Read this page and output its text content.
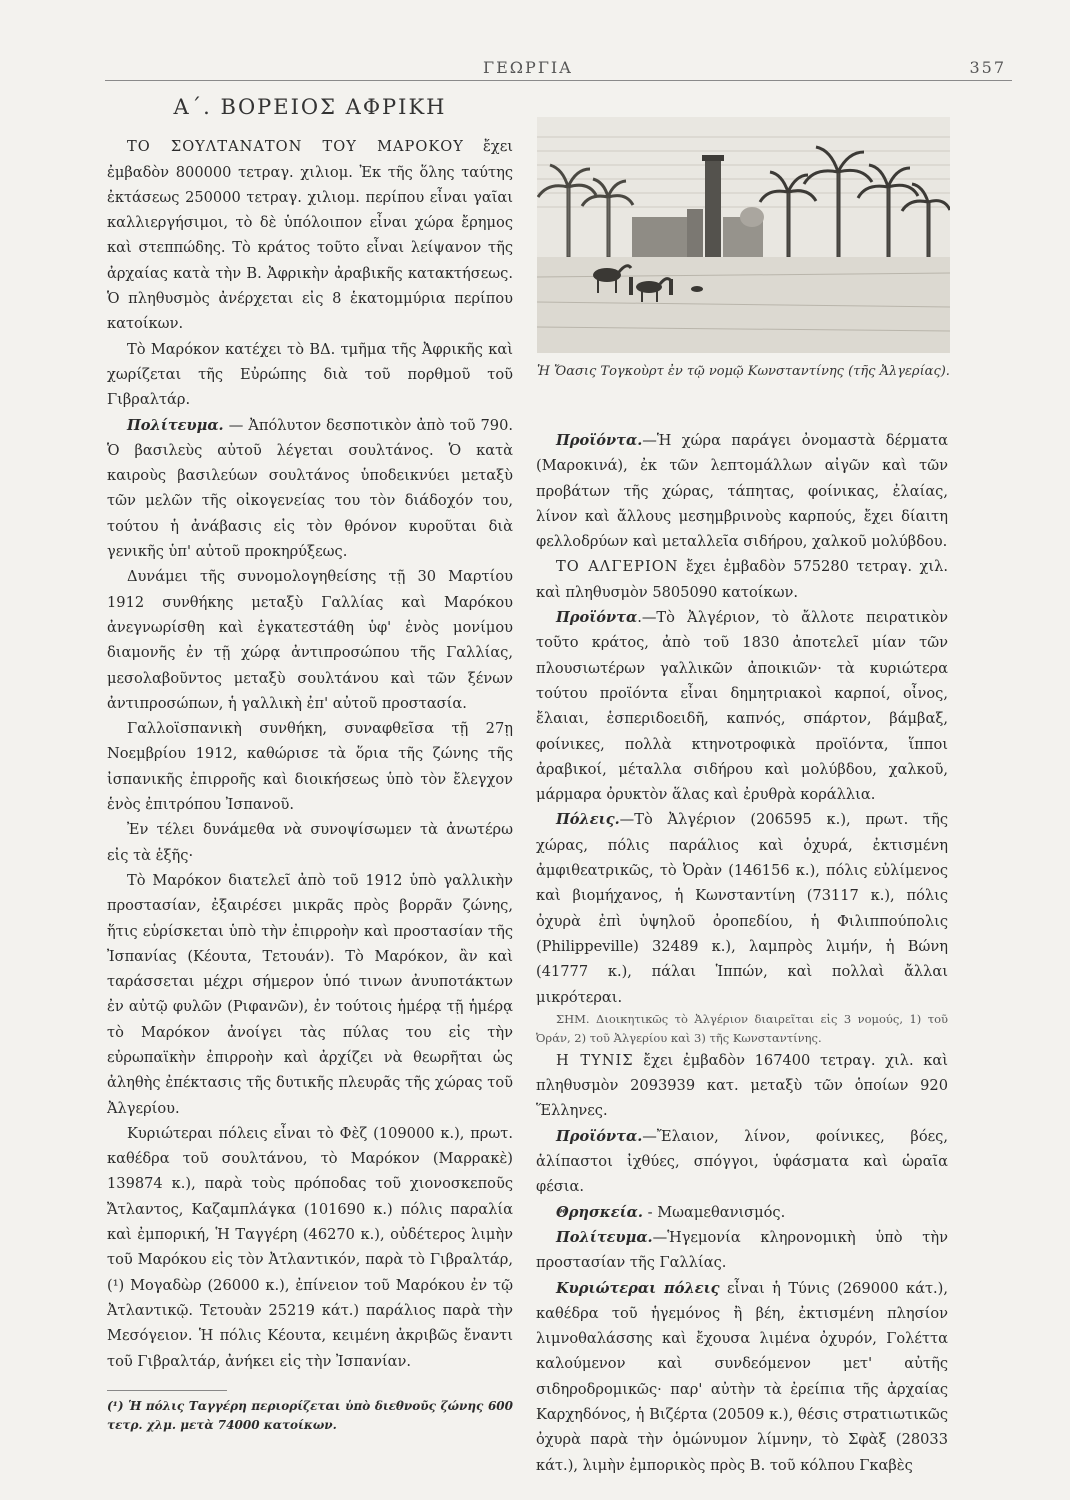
ΓΕΩΡΓΙΑ	357
Α΄. ΒΟΡΕΙΟΣ ΑΦΡΙΚΗ

ΤΟ ΣΟΥΛΤΑΝΑΤΟΝ ΤΟΥ ΜΑΡΟΚΟΥ ἔχει ἐμβαδὸν 800000 τετραγ. χιλιομ. Ἐκ τῆς ὅλης ταύτης ἐκτάσεως 250000 τετραγ. χιλιομ. περίπου εἶναι γαῖαι καλλιεργήσιμοι, τὸ δὲ ὑπόλοιπον εἶναι χώρα ἔρημος καὶ στεππώδης. Τὸ κράτος τοῦτο εἶναι λείψανον τῆς ἀρχαίας κατὰ τὴν Β. Ἀφρικὴν ἀραβικῆς κατακτήσεως. Ὁ πληθυσμὸς ἀνέρχεται εἰς 8 ἑκατομμύρια περίπου κατοίκων.

Τὸ Μαρόκον κατέχει τὸ ΒΔ. τμῆμα τῆς Ἀφρικῆς καὶ χωρίζεται τῆς Εὐρώπης διὰ τοῦ πορθμοῦ τοῦ Γιβραλτάρ.

Πολίτευμα. — Ἀπόλυτον δεσποτικὸν ἀπὸ τοῦ 790. Ὁ βασιλεὺς αὐτοῦ λέγεται σουλτάνος. Ὁ κατὰ καιροὺς βασιλεύων σουλτάνος ὑποδεικνύει μεταξὺ τῶν μελῶν τῆς οἰκογενείας του τὸν διάδοχόν του, τούτου ἡ ἀνάβασις εἰς τὸν θρόνον κυροῦται διὰ γενικῆς ὑπ' αὐτοῦ προκηρύξεως.

Δυνάμει τῆς συνομολογηθείσης τῇ 30 Μαρτίου 1912 συνθήκης μεταξὺ Γαλλίας καὶ Μαρόκου ἀνεγνωρίσθη καὶ ἐγκατεστάθη ὑφ' ἑνὸς μονίμου διαμονῆς ἐν τῇ χώρᾳ ἀντιπροσώπου τῆς Γαλλίας, μεσολαβοῦντος μεταξὺ σουλτάνου καὶ τῶν ξένων ἀντιπροσώπων, ἡ γαλλικὴ ἐπ' αὐτοῦ προστασία.

Γαλλοϊσπανικὴ συνθήκη, συναφθεῖσα τῇ 27ῃ Νοεμβρίου 1912, καθώρισε τὰ ὅρια τῆς ζώνης τῆς ἰσπανικῆς ἐπιρροῆς καὶ διοικήσεως ὑπὸ τὸν ἔλεγχον ἑνὸς ἐπιτρόπου Ἰσπανοῦ.

Ἐν τέλει δυνάμεθα νὰ συνοψίσωμεν τὰ ἀνωτέρω εἰς τὰ ἑξῆς·

Τὸ Μαρόκον διατελεῖ ἀπὸ τοῦ 1912 ὑπὸ γαλλικὴν προστασίαν, ἐξαιρέσει μικρᾶς πρὸς βορρᾶν ζώνης, ἥτις εὑρίσκεται ὑπὸ τὴν ἐπιρροὴν καὶ προστασίαν τῆς Ἰσπανίας (Κέουτα, Τετουάν). Τὸ Μαρόκον, ἂν καὶ ταράσσεται μέχρι σήμερον ὑπό τινων ἀνυποτάκτων ἐν αὐτῷ φυλῶν (Ριφανῶν), ἐν τούτοις ἡμέρᾳ τῇ ἡμέρᾳ τὸ Μαρόκον ἀνοίγει τὰς πύλας του εἰς τὴν εὐρωπαϊκὴν ἐπιρροὴν καὶ ἀρχίζει νὰ θεωρῆται ὡς ἀληθὴς ἐπέκτασις τῆς δυτικῆς πλευρᾶς τῆς χώρας τοῦ Ἀλγερίου.

Κυριώτεραι πόλεις εἶναι τὸ Φὲζ (109000 κ.), πρωτ. καθέδρα τοῦ σουλτάνου, τὸ Μαρόκον (Μαρρακὲ) 139874 κ.), παρὰ τοὺς πρόποδας τοῦ χιονοσκεποῦς Ἄτλαντος, Καζαμπλάγκα (101690 κ.) πόλις παραλία καὶ ἐμπορική, Ἡ Ταγγέρη (46270 κ.), οὐδέτερος λιμὴν τοῦ Μαρόκου εἰς τὸν Ἀτλαντικόν, παρὰ τὸ Γιβραλτάρ, (¹) Μογαδὼρ (26000 κ.), ἐπίνειον τοῦ Μαρόκου ἐν τῷ Ἀτλαντικῷ. Τετουὰν 25219 κάτ.) παράλιος παρὰ τὴν Μεσόγειον. Ἡ πόλις Κέουτα, κειμένη ἀκριβῶς ἔναντι τοῦ Γιβραλτάρ, ἀνήκει εἰς τὴν Ἰσπανίαν.

(¹) Ἡ πόλις Ταγγέρη περιορίζεται ὑπὸ διεθνοῦς ζώνης 600 τετρ. χλμ. μετὰ 74000 κατοίκων.

Ἡ Ὄασις Τογκοὺρτ ἐν τῷ νομῷ Κωνσταντίνης (τῆς Ἀλγερίας).

Προϊόντα.—Ἡ χώρα παράγει ὀνομαστὰ δέρματα (Μαροκινά), ἐκ τῶν λεπτομάλλων αἰγῶν καὶ τῶν προβάτων τῆς χώρας, τάπητας, φοίνικας, ἐλαίας, λίνον καὶ ἄλλους μεσημβρινοὺς καρπούς, ἔχει δίαιτη φελλοδρύων καὶ μεταλλεῖα σιδήρου, χαλκοῦ μολύβδου.

ΤΟ ΑΛΓΕΡΙΟΝ ἔχει ἐμβαδὸν 575280 τετραγ. χιλ. καὶ πληθυσμὸν 5805090 κατοίκων.

Προϊόντα.—Τὸ Ἀλγέριον, τὸ ἄλλοτε πειρατικὸν τοῦτο κράτος, ἀπὸ τοῦ 1830 ἀποτελεῖ μίαν τῶν πλουσιωτέρων γαλλικῶν ἀποικιῶν· τὰ κυριώτερα τούτου προϊόντα εἶναι δημητριακοὶ καρποί, οἶνος, ἔλαιαι, ἑσπεριδοειδῆ, καπνός, σπάρτον, βάμβαξ, φοίνικες, πολλὰ κτηνοτροφικὰ προϊόντα, ἵπποι ἀραβικοί, μέταλλα σιδήρου καὶ μολύβδου, χαλκοῦ, μάρμαρα ὀρυκτὸν ἅλας καὶ ἐρυθρὰ κοράλλια.

Πόλεις.—Τὸ Ἀλγέριον (206595 κ.), πρωτ. τῆς χώρας, πόλις παράλιος καὶ ὀχυρά, ἐκτισμένη ἀμφιθεατρικῶς, τὸ Ὀρὰν (146156 κ.), πόλις εὐλίμενος καὶ βιομήχανος, ἡ Κωνσταντίνη (73117 κ.), πόλις ὀχυρὰ ἐπὶ ὑψηλοῦ ὀροπεδίου, ἡ Φιλιππούπολις (Philippeville) 32489 κ.), λαμπρὸς λιμήν, ἡ Βώνη (41777 κ.), πάλαι Ἱππών, καὶ πολλαὶ ἄλλαι μικρότεραι.

ΣΗΜ. Διοικητικῶς τὸ Ἀλγέριον διαιρεῖται εἰς 3 νομούς, 1) τοῦ Ὀράν, 2) τοῦ Ἀλγερίου καὶ 3) τῆς Κωνσταντίνης.

Η ΤΥΝΙΣ ἔχει ἐμβαδὸν 167400 τετραγ. χιλ. καὶ πληθυσμὸν 2093939 κατ. μεταξὺ τῶν ὁποίων 920 Ἕλληνες.

Προϊόντα.—Ἔλαιον, λίνον, φοίνικες, βόες, ἁλίπαστοι ἰχθύες, σπόγγοι, ὑφάσματα καὶ ὡραῖα φέσια.

Θρησκεία. - Μωαμεθανισμός.

Πολίτευμα.—Ἡγεμονία κληρονομικὴ ὑπὸ τὴν προστασίαν τῆς Γαλλίας.

Κυριώτεραι πόλεις εἶναι ἡ Τύνις (269000 κάτ.), καθέδρα τοῦ ἡγεμόνος ἢ βέη, ἐκτισμένη πλησίον λιμνοθαλάσσης καὶ ἔχουσα λιμένα ὀχυρόν, Γολέττα καλούμενον καὶ συνδεόμενον μετ' αὐτῆς σιδηροδρομικῶς· παρ' αὐτὴν τὰ ἐρείπια τῆς ἀρχαίας Καρχηδόνος, ἡ Βιζέρτα (20509 κ.), θέσις στρατιωτικῶς ὀχυρὰ παρὰ τὴν ὁμώνυμον λίμνην, τὸ Σφὰξ (28033 κάτ.), λιμὴν ἐμπορικὸς πρὸς Β. τοῦ κόλπου Γκαβὲς
